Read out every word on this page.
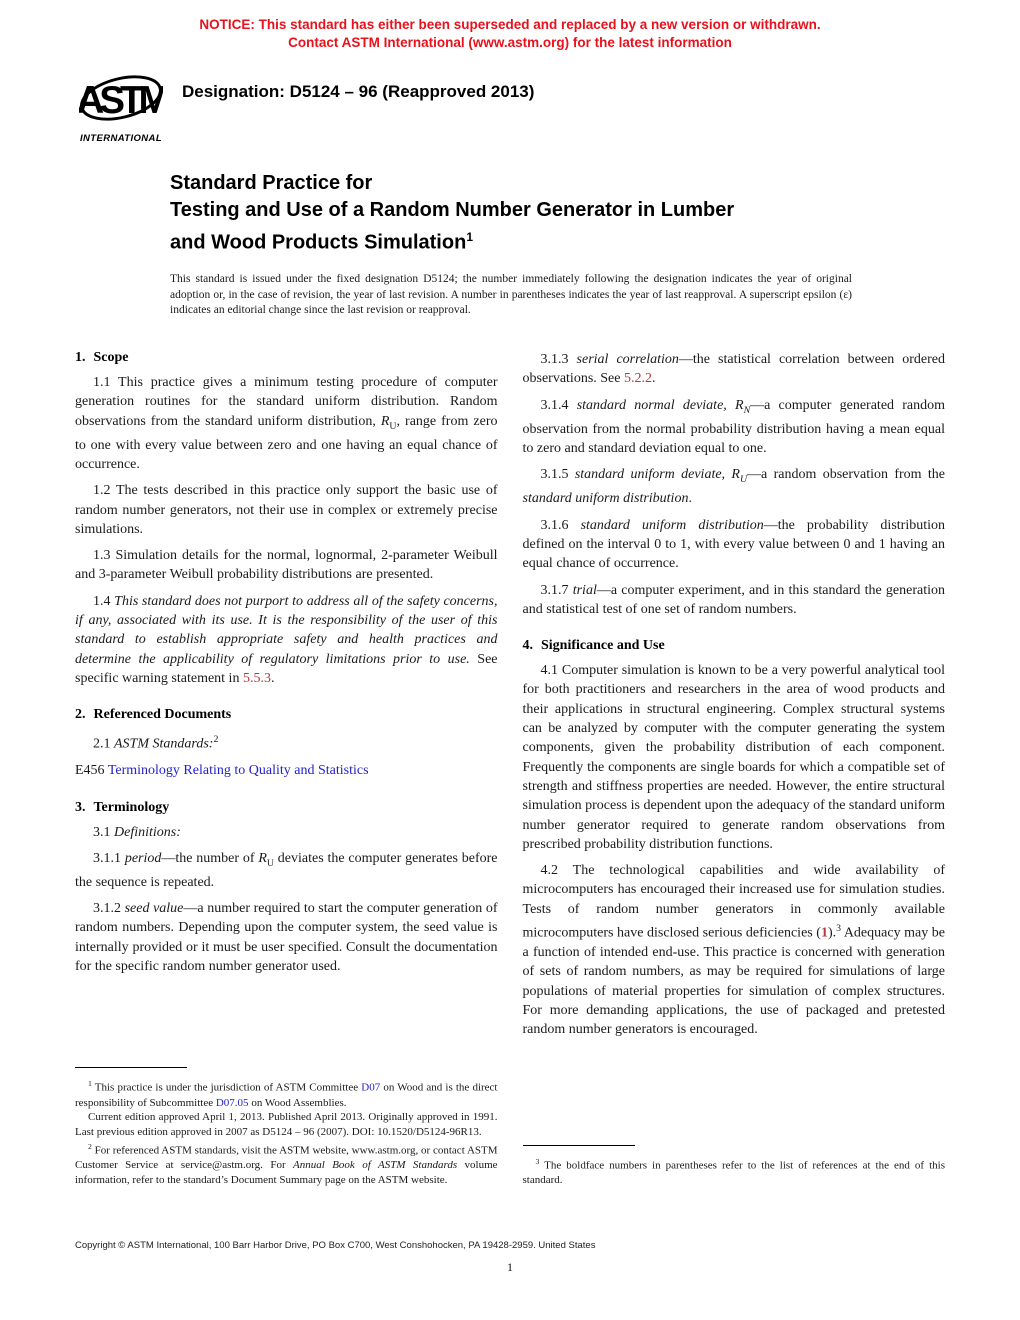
NOTICE: This standard has either been superseded and replaced by a new version or withdrawn.
Contact ASTM International (www.astm.org) for the latest information
ASTM
INTERNATIONAL
Designation: D5124 – 96 (Reapproved 2013)
Standard Practice for
Testing and Use of a Random Number Generator in Lumber
and Wood Products Simulation$^1$
This standard is issued under the fixed designation D5124; the number immediately following the designation indicates the year of original adoption or, in the case of revision, the year of last revision. A number in parentheses indicates the year of last reapproval. A superscript epsilon (ε) indicates an editorial change since the last revision or reapproval.
1. Scope

1.1 This practice gives a minimum testing procedure of computer generation routines for the standard uniform distribution. Random observations from the standard uniform distribution, $R_U$, range from zero to one with every value between zero and one having an equal chance of occurrence.

1.2 The tests described in this practice only support the basic use of random number generators, not their use in complex or extremely precise simulations.

1.3 Simulation details for the normal, lognormal, 2-parameter Weibull and 3-parameter Weibull probability distributions are presented.

1.4 This standard does not purport to address all of the safety concerns, if any, associated with its use. It is the responsibility of the user of this standard to establish appropriate safety and health practices and determine the applicability of regulatory limitations prior to use. See specific warning statement in 5.5.3.

2. Referenced Documents

2.1 ASTM Standards:$^2$

E456 Terminology Relating to Quality and Statistics

3. Terminology

3.1 Definitions:

3.1.1 period—the number of $R_U$ deviates the computer generates before the sequence is repeated.

3.1.2 seed value—a number required to start the computer generation of random numbers. Depending upon the computer system, the seed value is internally provided or it must be user specified. Consult the documentation for the specific random number generator used.

$^1$ This practice is under the jurisdiction of ASTM Committee D07 on Wood and is the direct responsibility of Subcommittee D07.05 on Wood Assemblies.

Current edition approved April 1, 2013. Published April 2013. Originally approved in 1991. Last previous edition approved in 2007 as D5124 – 96 (2007). DOI: 10.1520/D5124-96R13.

$^2$ For referenced ASTM standards, visit the ASTM website, www.astm.org, or contact ASTM Customer Service at service@astm.org. For Annual Book of ASTM Standards volume information, refer to the standard’s Document Summary page on the ASTM website.

3.1.3 serial correlation—the statistical correlation between ordered observations. See 5.2.2.

3.1.4 standard normal deviate, $R_N—a$ computer generated random observation from the normal probability distribution having a mean equal to zero and standard deviation equal to one.

3.1.5 standard uniform deviate, $R_U—a$ random observation from the standard uniform distribution.

3.1.6 standard uniform distribution—the probability distribution defined on the interval 0 to 1, with every value between 0 and 1 having an equal chance of occurrence.

3.1.7 trial—a computer experiment, and in this standard the generation and statistical test of one set of random numbers.

4. Significance and Use

4.1 Computer simulation is known to be a very powerful analytical tool for both practitioners and researchers in the area of wood products and their applications in structural engineering. Complex structural systems can be analyzed by computer with the computer generating the system components, given the probability distribution of each component. Frequently the components are single boards for which a compatible set of strength and stiffness properties are needed. However, the entire structural simulation process is dependent upon the adequacy of the standard uniform number generator required to generate random observations from prescribed probability distribution functions.

4.2 The technological capabilities and wide availability of microcomputers has encouraged their increased use for simulation studies. Tests of random number generators in commonly available microcomputers have disclosed serious deficiencies (1).$^3$ Adequacy may be a function of intended end-use. This practice is concerned with generation of sets of random numbers, as may be required for simulations of large populations of material properties for simulation of complex structures. For more demanding applications, the use of packaged and pretested random number generators is encouraged.

$^3$ The boldface numbers in parentheses refer to the list of references at the end of this standard.

Copyright © ASTM International, 100 Barr Harbor Drive, PO Box C700, West Conshohocken, PA 19428-2959. United States
1
